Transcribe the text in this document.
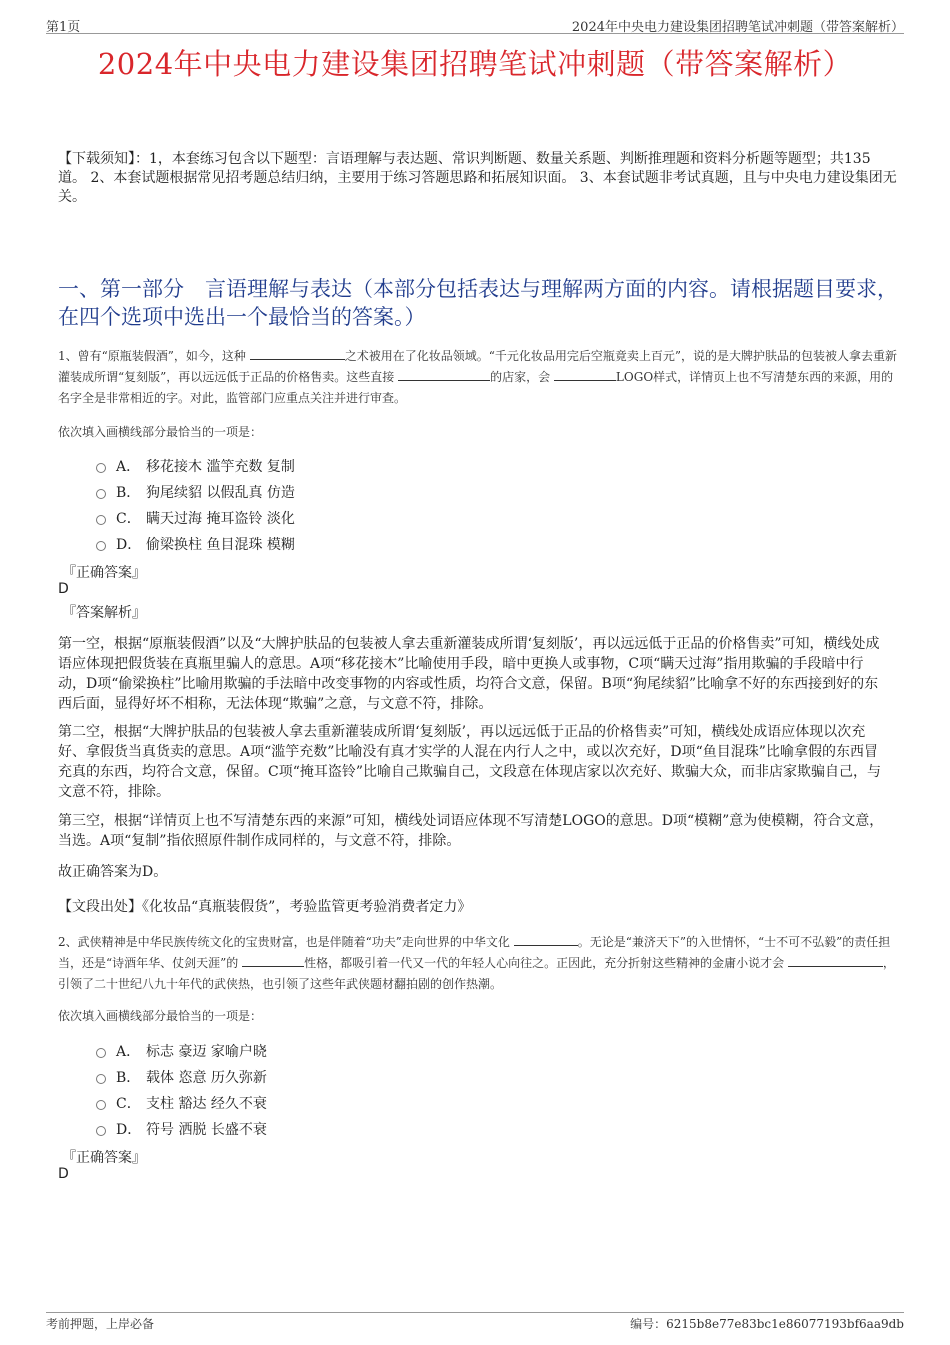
第1页	2024年中央电力建设集团招聘笔试冲刺题（带答案解析）
2024年中央电力建设集团招聘笔试冲刺题（带答案解析）
【下载须知】：1，本套练习包含以下题型：言语理解与表达题、常识判断题、数量关系题、判断推理题和资料分析题等题型；共135道。 2、本套试题根据常见招考题总结归纳，主要用于练习答题思路和拓展知识面。 3、本套试题非考试真题，且与中央电力建设集团无关。
一、第一部分　言语理解与表达（本部分包括表达与理解两方面的内容。请根据题目要求，在四个选项中选出一个最恰当的答案。）
1、曾有“原瓶装假酒”，如今，这种	之术被用在了化妆品领域。“千元化妆品用完后空瓶竟卖上百元”，说的是大牌护肤品的包装被人拿去重新灌装成所谓“复刻版”，再以远远低于正品的价格售卖。这些直接	的店家，会	LOGO样式，详情页上也不写清楚东西的来源，用的名字全是非常相近的字。对此，监管部门应重点关注并进行审查。
依次填入画横线部分最恰当的一项是：
A． 移花接木 滥竽充数 复制
B． 狗尾续貂 以假乱真 仿造
C． 瞒天过海 掩耳盗铃 淡化
D． 偷梁换柱 鱼目混珠 模糊
『正确答案』
D
『答案解析』
第一空，根据“原瓶装假酒”以及“大牌护肤品的包装被人拿去重新灌装成所谓‘复刻版’，再以远远低于正品的价格售卖”可知，横线处成语应体现把假货装在真瓶里骗人的意思。A项“移花接木”比喻使用手段，暗中更换人或事物，C项“瞒天过海”指用欺骗的手段暗中行动，D项“偷梁换柱”比喻用欺骗的手法暗中改变事物的内容或性质，均符合文意，保留。B项“狗尾续貂”比喻拿不好的东西接到好的东西后面，显得好坏不相称，无法体现“欺骗”之意，与文意不符，排除。
第二空，根据“大牌护肤品的包装被人拿去重新灌装成所谓‘复刻版’，再以远远低于正品的价格售卖”可知，横线处成语应体现以次充好、拿假货当真货卖的意思。A项“滥竽充数”比喻没有真才实学的人混在内行人之中，或以次充好，D项“鱼目混珠”比喻拿假的东西冒充真的东西，均符合文意，保留。C项“掩耳盗铃”比喻自己欺骗自己，文段意在体现店家以次充好、欺骗大众，而非店家欺骗自己，与文意不符，排除。
第三空，根据“详情页上也不写清楚东西的来源”可知，横线处词语应体现不写清楚LOGO的意思。D项“模糊”意为使模糊，符合文意，当选。A项“复制”指依照原件制作成同样的，与文意不符，排除。
故正确答案为D。
【文段出处】《化妆品“真瓶装假货”，考验监管更考验消费者定力》
2、武侠精神是中华民族传统文化的宝贵财富，也是伴随着“功夫”走向世界的中华文化	。无论是“兼济天下”的入世情怀，“士不可不弘毅”的责任担当，还是“诗酒年华、仗剑天涯”的	性格，都吸引着一代又一代的年轻人心向往之。正因此，充分折射这些精神的金庸小说才会	，引领了二十世纪八九十年代的武侠热，也引领了这些年武侠题材翻拍剧的创作热潮。
依次填入画横线部分最恰当的一项是：
A． 标志 豪迈 家喻户晓
B． 载体 恣意 历久弥新
C． 支柱 豁达 经久不衰
D． 符号 洒脱 长盛不衰
『正确答案』
D
考前押题，上岸必备	编号：6215b8e77e83bc1e86077193bf6aa9db
